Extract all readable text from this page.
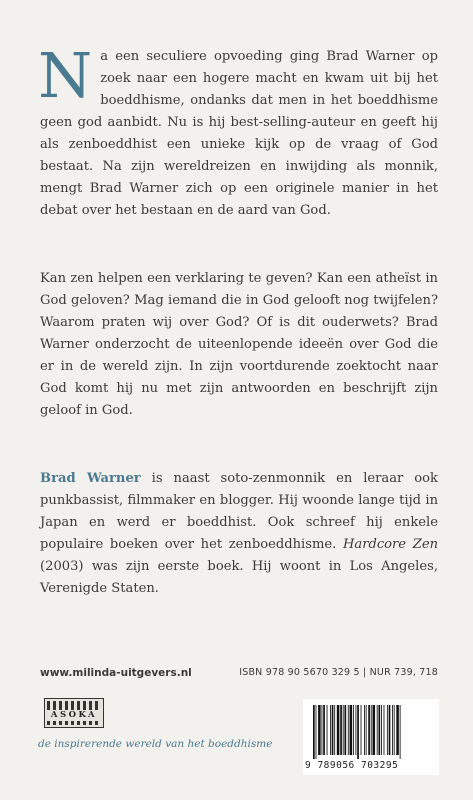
N a een seculiere opvoeding ging Brad Warner op zoek naar een hogere macht en kwam uit bij het boeddhisme, ondanks dat men in het boeddhisme geen god aanbidt. Nu is hij best-selling-auteur en geeft hij als zenboeddhist een unieke kijk op de vraag of God bestaat. Na zijn wereldreizen en inwijding als monnik, mengt Brad Warner zich op een originele manier in het debat over het bestaan en de aard van God.
Kan zen helpen een verklaring te geven? Kan een atheïst in God geloven? Mag iemand die in God gelooft nog twijfelen? Waarom praten wij over God? Of is dit ouderwets? Brad Warner onderzocht de uiteenlopende ideeën over God die er in de wereld zijn. In zijn voortdurende zoektocht naar God komt hij nu met zijn antwoorden en beschrijft zijn geloof in God.
Brad Warner is naast soto-zenmonnik en leraar ook punkbassist, filmmaker en blogger. Hij woonde lange tijd in Japan en werd er boeddhist. Ook schreef hij enkele populaire boeken over het zenboeddhisme. Hardcore Zen (2003) was zijn eerste boek. Hij woont in Los Angeles, Verenigde Staten.
www.milinda-uitgevers.nl	ISBN 978 90 5670 329 5 | NUR 739, 718
ASOKA
de inspirerende wereld van het boeddhisme
9 789056 703295
